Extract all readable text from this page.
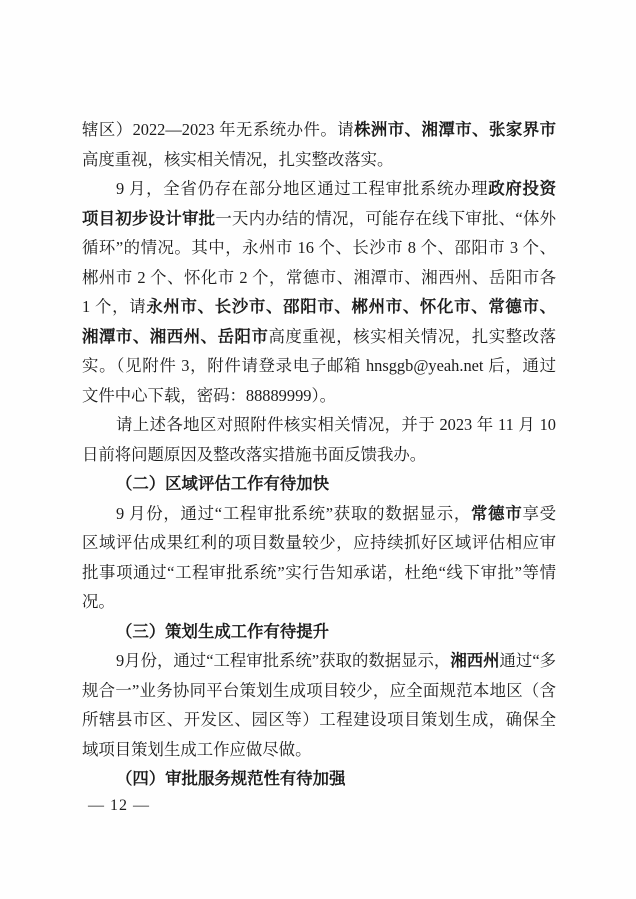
辖区）2022—2023 年无系统办件。请株洲市、湘潭市、张家界市
高度重视，核实相关情况，扎实整改落实。
9 月，全省仍存在部分地区通过工程审批系统办理政府投资
项目初步设计审批一天内办结的情况，可能存在线下审批、“体外
循环”的情况。其中，永州市 16 个、长沙市 8 个、邵阳市 3 个、
郴州市 2 个、怀化市 2 个，常德市、湘潭市、湘西州、岳阳市各
1 个，请永州市、长沙市、邵阳市、郴州市、怀化市、常德市、
湘潭市、湘西州、岳阳市高度重视，核实相关情况，扎实整改落
实。（见附件 3，附件请登录电子邮箱 hnsggb@yeah.net 后，通过
文件中心下载，密码：88889999）。
请上述各地区对照附件核实相关情况，并于 2023 年 11 月 10
日前将问题原因及整改落实措施书面反馈我办。
（二）区域评估工作有待加快
9 月份，通过“工程审批系统”获取的数据显示，常德市享受
区域评估成果红利的项目数量较少，应持续抓好区域评估相应审
批事项通过“工程审批系统”实行告知承诺，杜绝“线下审批”等情
况。
（三）策划生成工作有待提升
9月份，通过“工程审批系统”获取的数据显示，湘西州通过“多
规合一”业务协同平台策划生成项目较少，应全面规范本地区（含
所辖县市区、开发区、园区等）工程建设项目策划生成，确保全
域项目策划生成工作应做尽做。
（四）审批服务规范性有待加强
— 12 —
